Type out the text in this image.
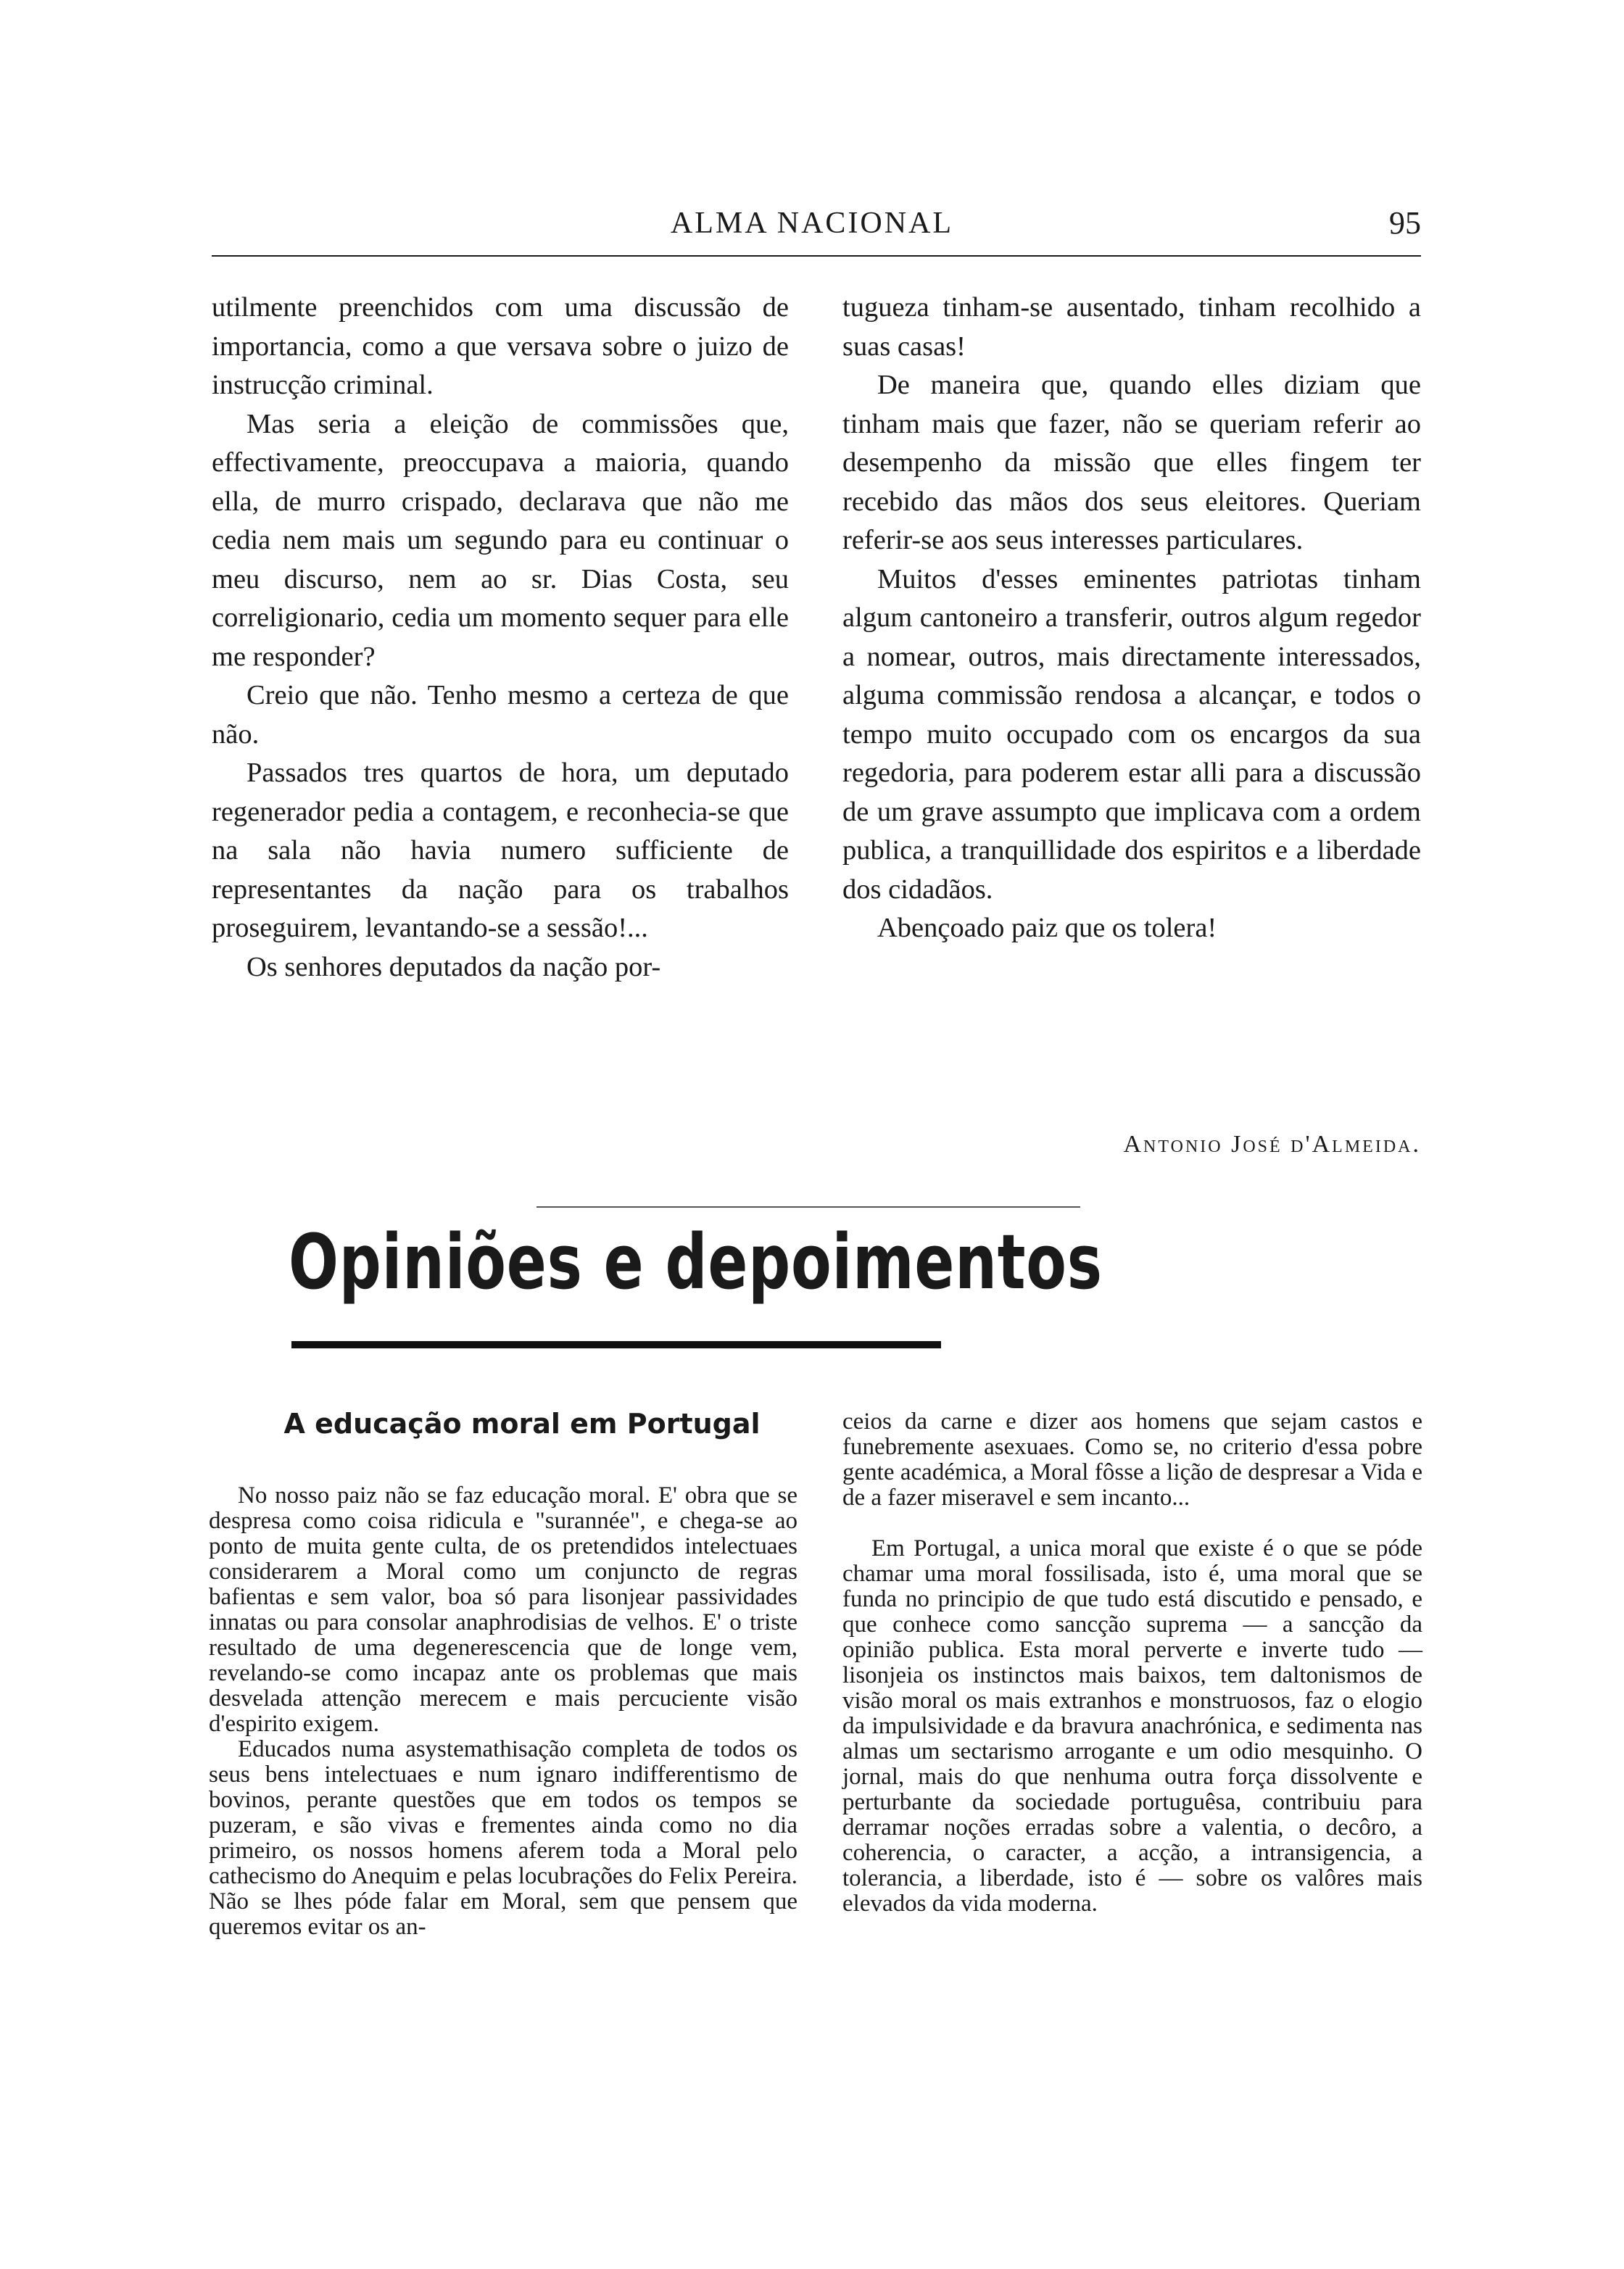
ALMA NACIONAL	95

utilmente preenchidos com uma discussão de importancia, como a que versava sobre o juizo de instrucção criminal.

Mas seria a eleição de commissões que, effectivamente, preoccupava a maioria, quando ella, de murro crispado, declarava que não me cedia nem mais um segundo para eu continuar o meu discurso, nem ao sr. Dias Costa, seu correligionario, cedia um momento sequer para elle me responder?

Creio que não. Tenho mesmo a certeza de que não.

Passados tres quartos de hora, um deputado regenerador pedia a contagem, e reconhecia-se que na sala não havia numero sufficiente de representantes da nação para os trabalhos proseguirem, levantando-se a sessão!...

Os senhores deputados da nação por-

tugueza tinham-se ausentado, tinham recolhido a suas casas!

De maneira que, quando elles diziam que tinham mais que fazer, não se queriam referir ao desempenho da missão que elles fingem ter recebido das mãos dos seus eleitores. Queriam referir-se aos seus interesses particulares.

Muitos d'esses eminentes patriotas tinham algum cantoneiro a transferir, outros algum regedor a nomear, outros, mais directamente interessados, alguma commissão rendosa a alcançar, e todos o tempo muito occupado com os encargos da sua regedoria, para poderem estar alli para a discussão de um grave assumpto que implicava com a ordem publica, a tranquillidade dos espiritos e a liberdade dos cidadãos.

Abençoado paiz que os tolera!

Antonio José d'Almeida.
Opiniões e depoimentos
A educação moral em Portugal

No nosso paiz não se faz educação moral. E' obra que se despresa como coisa ridicula e "surannée", e chega-se ao ponto de muita gente culta, de os pretendidos intelectuaes considerarem a Moral como um conjuncto de regras bafientas e sem valor, boa só para lisonjear passividades innatas ou para consolar anaphrodisias de velhos. E' o triste resultado de uma degenerescencia que de longe vem, revelando-se como incapaz ante os problemas que mais desvelada attenção merecem e mais percuciente visão d'espirito exigem.

Educados numa asystemathisação completa de todos os seus bens intelectuaes e num ignaro indifferentismo de bovinos, perante questões que em todos os tempos se puzeram, e são vivas e frementes ainda como no dia primeiro, os nossos homens aferem toda a Moral pelo cathecismo do Anequim e pelas locubrações do Felix Pereira. Não se lhes póde falar em Moral, sem que pensem que queremos evitar os an-

ceios da carne e dizer aos homens que sejam castos e funebremente asexuaes. Como se, no criterio d'essa pobre gente académica, a Moral fôsse a lição de despresar a Vida e de a fazer miseravel e sem incanto...

Em Portugal, a unica moral que existe é o que se póde chamar uma moral fossilisada, isto é, uma moral que se funda no principio de que tudo está discutido e pensado, e que conhece como sancção suprema — a sancção da opinião publica. Esta moral perverte e inverte tudo — lisonjeia os instinctos mais baixos, tem daltonismos de visão moral os mais extranhos e monstruosos, faz o elogio da impulsividade e da bravura anachrónica, e sedimenta nas almas um sectarismo arrogante e um odio mesquinho. O jornal, mais do que nenhuma outra força dissolvente e perturbante da sociedade portuguêsa, contribuiu para derramar noções erradas sobre a valentia, o decôro, a coherencia, o caracter, a acção, a intransigencia, a tolerancia, a liberdade, isto é — sobre os valôres mais elevados da vida moderna.
